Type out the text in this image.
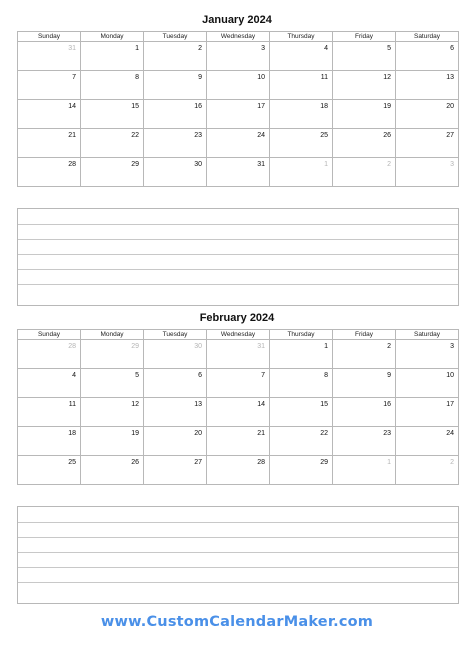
January 2024
Sunday	Monday	Tuesday	Wednesday	Thursday	Friday	Saturday

31	1	2	3	4	5	6

7	8	9	10	11	12	13

14	15	16	17	18	19	20

21	22	23	24	25	26	27

28	29	30	31	1	2	3
February 2024
Sunday	Monday	Tuesday	Wednesday	Thursday	Friday	Saturday

28	29	30	31	1	2	3

4	5	6	7	8	9	10

11	12	13	14	15	16	17

18	19	20	21	22	23	24

25	26	27	28	29	1	2
www.CustomCalendarMaker.com
